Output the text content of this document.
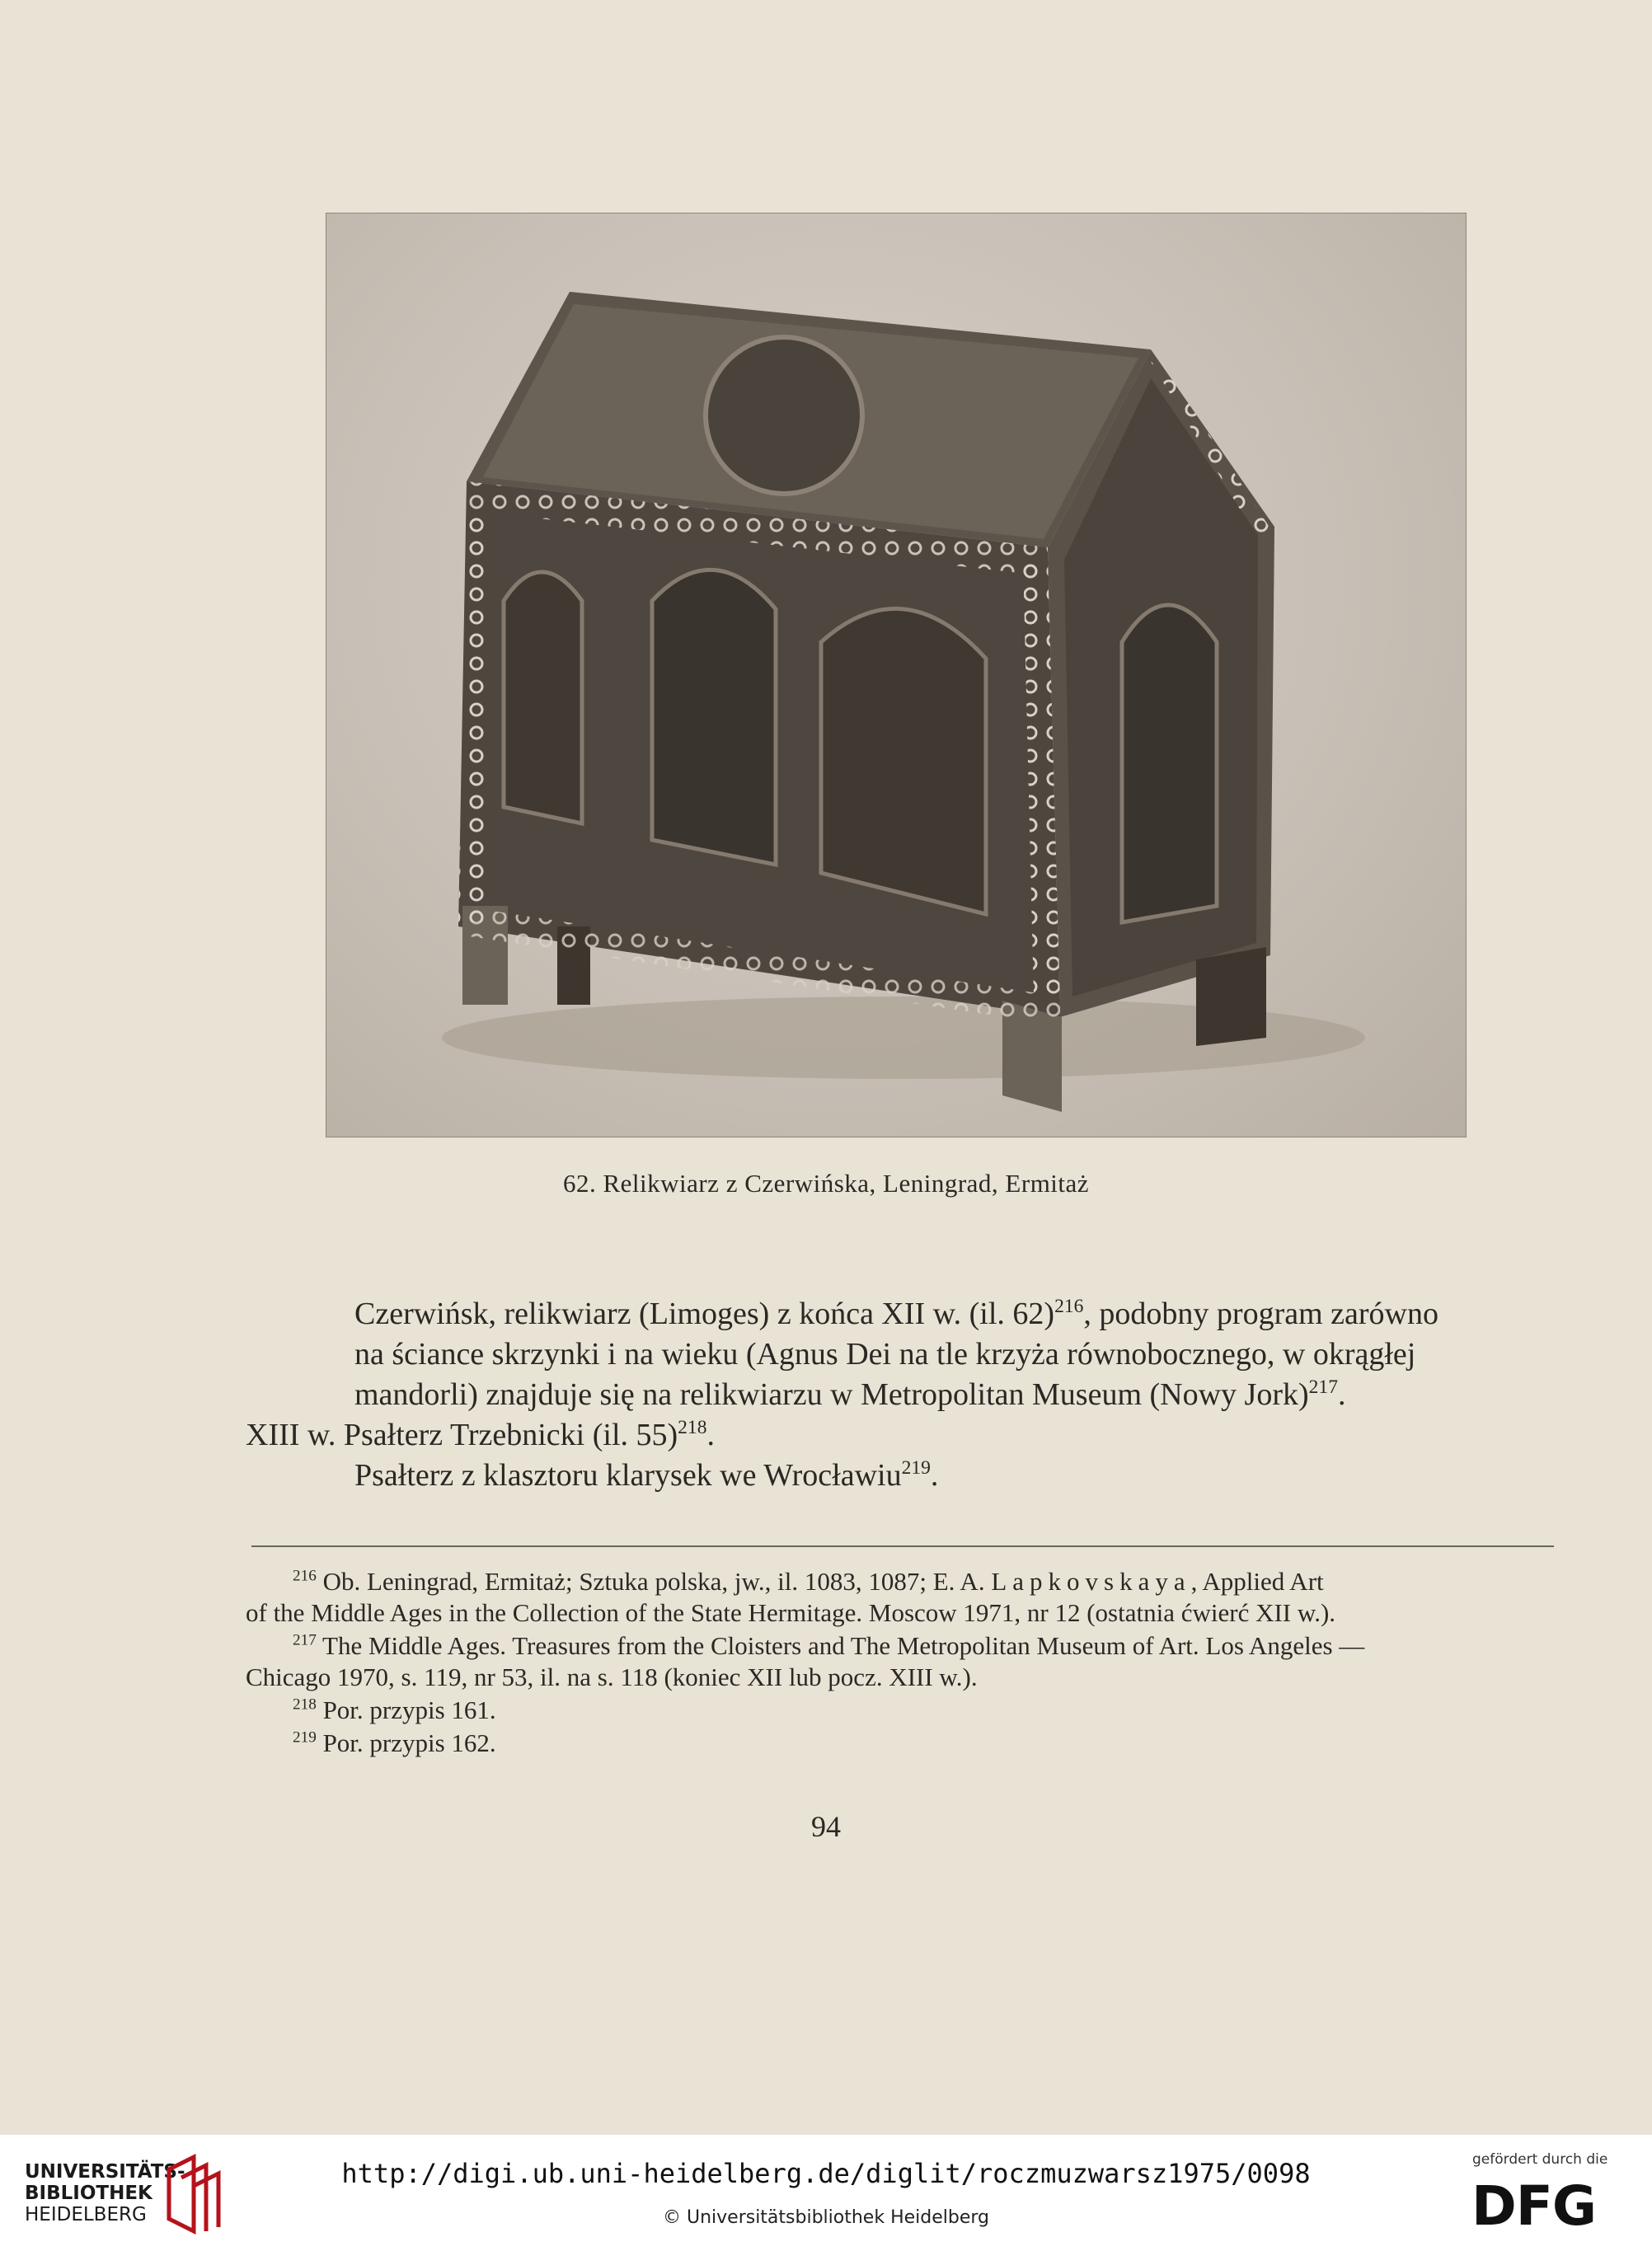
62. Relikwiarz z Czerwińska, Leningrad, Ermitaż
Czerwińsk, relikwiarz (Limoges) z końca XII w. (il. 62)$^{216}$, podobny program zarówno
na ściance skrzynki i na wieku (Agnus Dei na tle krzyża równobocznego, w okrągłej
mandorli) znajduje się na relikwiarzu w Metropolitan Museum (Nowy Jork)$^{217}$.
XIII w. Psałterz Trzebnicki (il. 55)$^{218}$.
Psałterz z klasztoru klarysek we Wrocławiu$^{219}$.
$^{216}$ Ob. Leningrad, Ermitaż; Sztuka polska, jw., il. 1083, 1087; E. A. Lapkovskaya, Applied Art
of the Middle Ages in the Collection of the State Hermitage. Moscow 1971, nr 12 (ostatnia ćwierć XII w.).
$^{217}$ The Middle Ages. Treasures from the Cloisters and The Metropolitan Museum of Art. Los Angeles —
Chicago 1970, s. 119, nr 53, il. na s. 118 (koniec XII lub pocz. XIII w.).
$^{218}$ Por. przypis 161.
$^{219}$ Por. przypis 162.
94
UNIVERSITÄTS-
BIBLIOTHEK
HEIDELBERG
http://digi.ub.uni-heidelberg.de/diglit/roczmuzwarsz1975/0098
© Universitätsbibliothek Heidelberg
gefördert durch die
DFG
